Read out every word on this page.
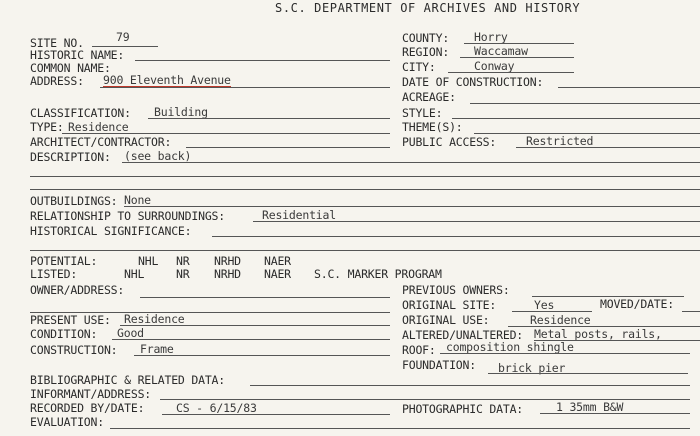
S.C. DEPARTMENT OF ARCHIVES AND HISTORY
SITE NO.	79
HISTORIC NAME:
COMMON NAME:
ADDRESS: 900 Eleventh Avenue
CLASSIFICATION: Building
TYPE: Residence
ARCHITECT/CONTRACTOR:
DESCRIPTION: (see back)
OUTBUILDINGS: None
RELATIONSHIP TO SURROUNDINGS:	Residential
HISTORICAL SIGNIFICANCE:
POTENTIAL:	NHL NR NRHD NAER
LISTED:	NHL	NR NRHD NAER S.C. MARKER PROGRAM
OWNER/ADDRESS:
PRESENT USE: Residence
CONDITION: Good
CONSTRUCTION: Frame
BIBLIOGRAPHIC & RELATED DATA:
INFORMANT/ADDRESS:
RECORDED BY/DATE:	CS - 6/15/83
EVALUATION:
COUNTY: Horry
REGION: Waccamaw
CITY:	Conway
DATE OF CONSTRUCTION:
ACREAGE:
STYLE:
THEME(S):
PUBLIC ACCESS:	Restricted
PREVIOUS OWNERS:
ORIGINAL SITE:	Yes	MOVED/DATE:
ORIGINAL USE:	Residence
ALTERED/UNALTERED: Metal posts, rails,
ROOF: composition shingle
FOUNDATION: brick pier
PHOTOGRAPHIC DATA:	1 35mm B&W
